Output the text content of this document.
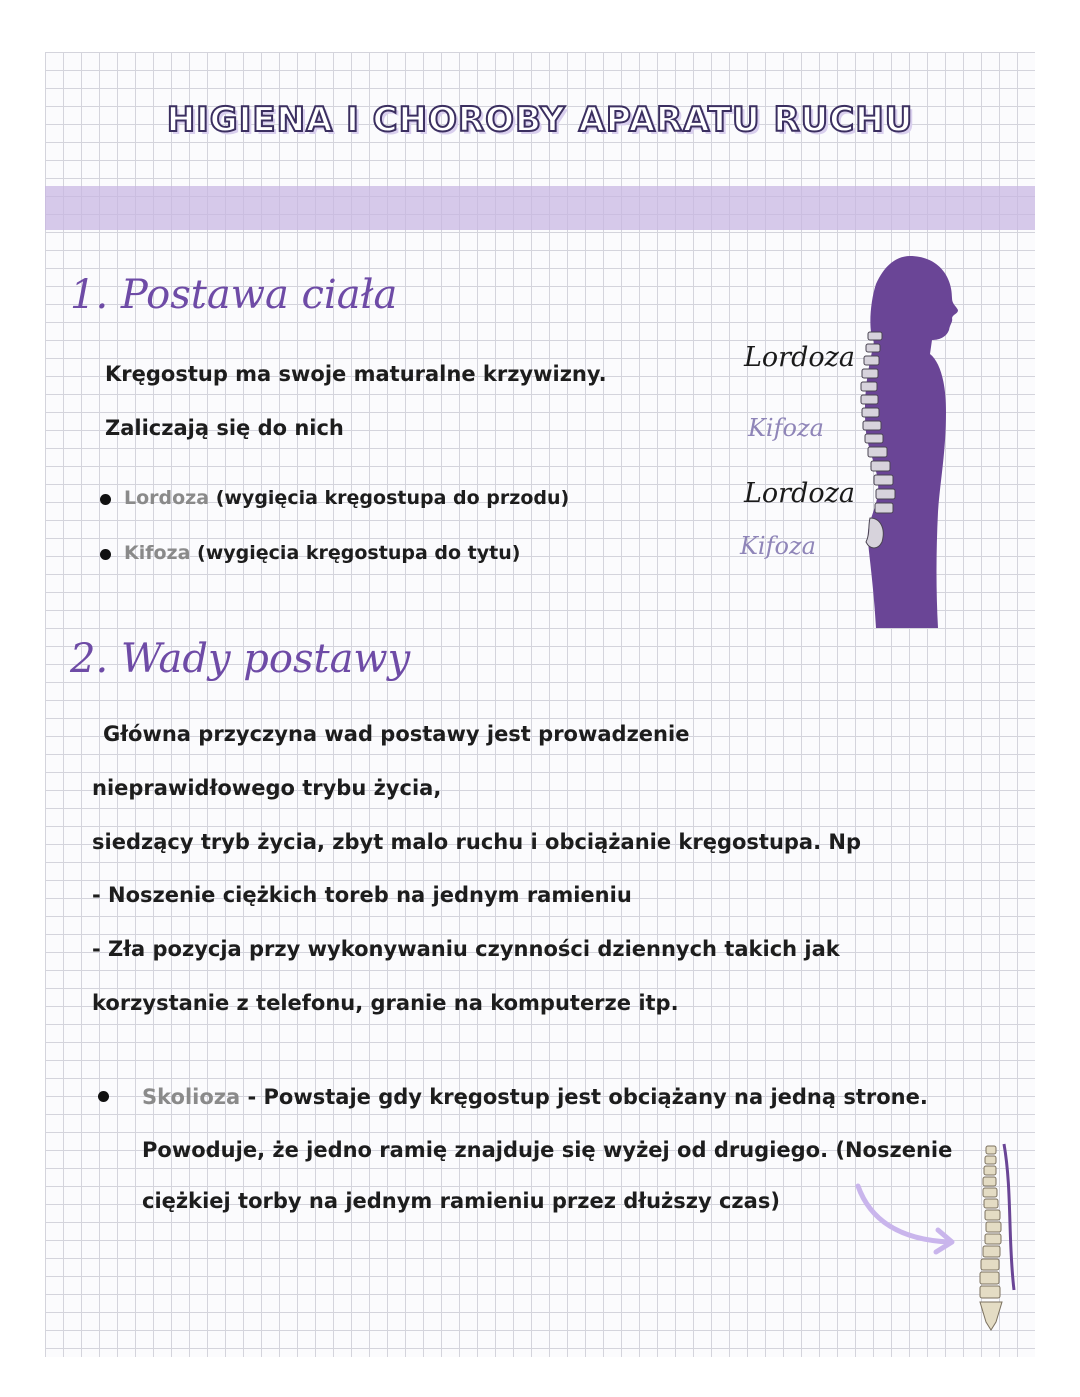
HIGIENA I CHOROBY APARATU RUCHU
1. Postawa ciała
Kręgostup ma swoje maturalne krzywizny.
Zaliczają się do nich
Lordoza (wygięcia kręgostupa do przodu)
Kifoza (wygięcia kręgostupa do tytu)
Lordoza
Kifoza
Lordoza
Kifoza
2. Wady postawy
Główna przyczyna wad postawy jest prowadzenie
nieprawidłowego trybu życia,
siedzący tryb życia, zbyt malo ruchu i obciążanie kręgostupa. Np
- Noszenie ciężkich toreb na jednym ramieniu
- Zła pozycja przy wykonywaniu czynności dziennych takich jak
korzystanie z telefonu, granie na komputerze itp.
Skolioza - Powstaje gdy kręgostup jest obciążany na jedną strone.
Powoduje, że jedno ramię znajduje się wyżej od drugiego. (Noszenie
ciężkiej torby na jednym ramieniu przez dłuższy czas)
